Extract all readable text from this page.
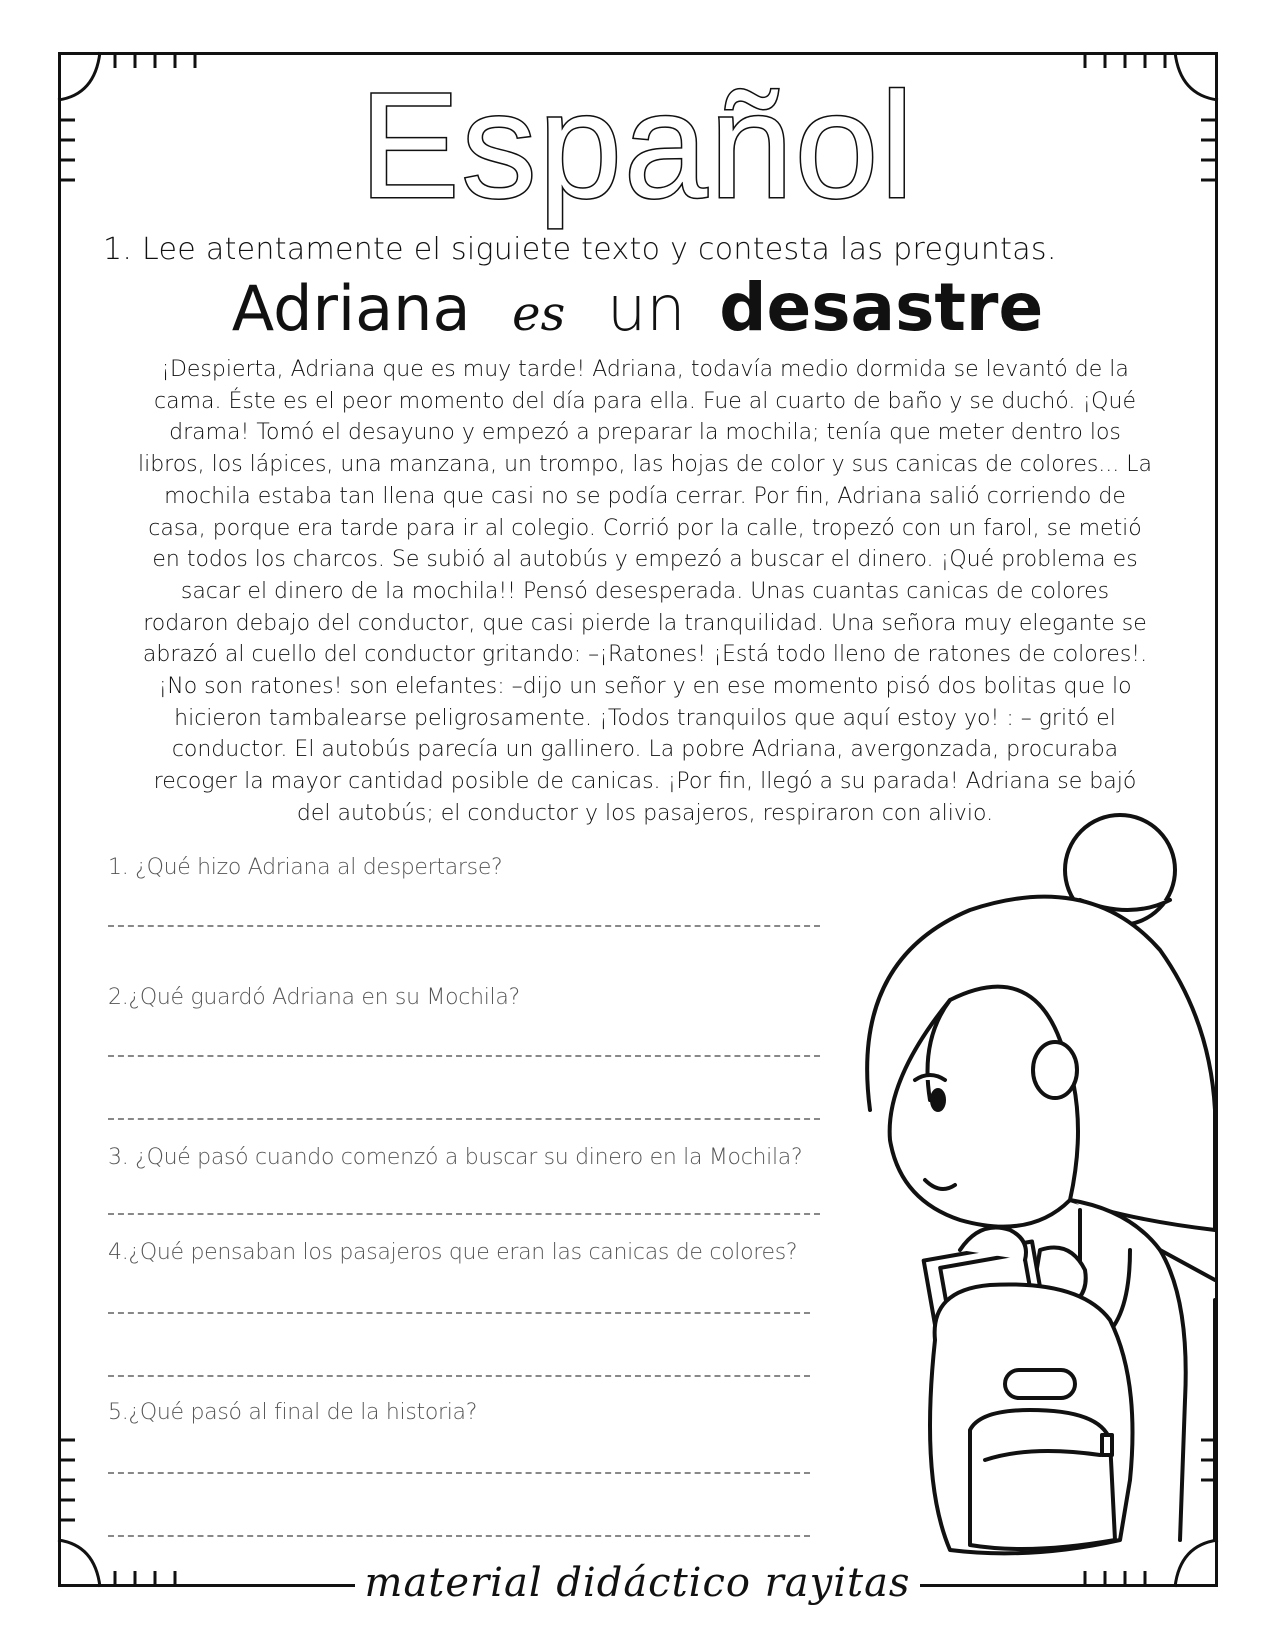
Español
1. Lee atentamente el siguiete texto y contesta las preguntas.
Adriana es un desastre
¡Despierta, Adriana que es muy tarde! Adriana, todavía medio dormida se levantó de la
cama. Éste es el peor momento del día para ella. Fue al cuarto de baño y se duchó. ¡Qué
drama! Tomó el desayuno y empezó a preparar la mochila; tenía que meter dentro los
libros, los lápices, una manzana, un trompo, las hojas de color y sus canicas de colores... La
mochila estaba tan llena que casi no se podía cerrar. Por fin, Adriana salió corriendo de
casa, porque era tarde para ir al colegio. Corrió por la calle, tropezó con un farol, se metió
en todos los charcos. Se subió al autobús y empezó a buscar el dinero. ¡Qué problema es
sacar el dinero de la mochila!! Pensó desesperada. Unas cuantas canicas de colores
rodaron debajo del conductor, que casi pierde la tranquilidad. Una señora muy elegante se
abrazó al cuello del conductor gritando: –¡Ratones! ¡Está todo lleno de ratones de colores!.
¡No son ratones! son elefantes: –dijo un señor y en ese momento pisó dos bolitas que lo
hicieron tambalearse peligrosamente. ¡Todos tranquilos que aquí estoy yo! : – gritó el
conductor. El autobús parecía un gallinero. La pobre Adriana, avergonzada, procuraba
recoger la mayor cantidad posible de canicas. ¡Por fin, llegó a su parada! Adriana se bajó
del autobús; el conductor y los pasajeros, respiraron con alivio.
1. ¿Qué hizo Adriana al despertarse?
2.¿Qué guardó Adriana en su Mochila?
3. ¿Qué pasó cuando comenzó a buscar su dinero en la Mochila?
4.¿Qué pensaban los pasajeros que eran las canicas de colores?
5.¿Qué pasó al final de la historia?
material didáctico rayitas
